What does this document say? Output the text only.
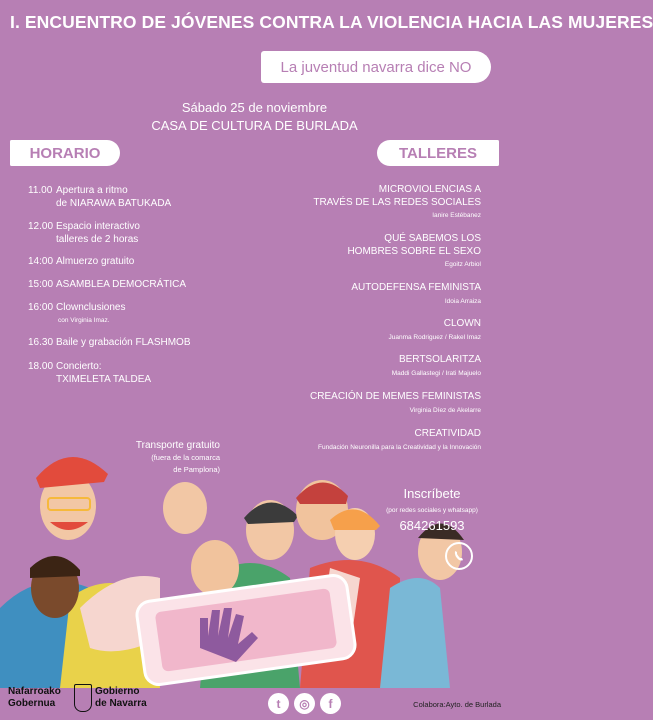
I. ENCUENTRO DE JÓVENES CONTRA LA VIOLENCIA HACIA LAS MUJERES
La juventud navarra dice NO
Sábado 25 de noviembre
CASA DE CULTURA DE BURLADA
HORARIO	TALLERES
11.00 Apertura a ritmo
de NIARAWA BATUKADA
12.00 Espacio interactivo
talleres de 2 horas
14:00 Almuerzo gratuito
15:00 ASAMBLEA DEMOCRÁTICA
16:00 Clownclusiones
con Virginia Imaz.
16.30 Baile y grabación FLASHMOB
18.00 Concierto:
TXIMELETA TALDEA
MICROVIOLENCIAS A
TRAVÉS DE LAS REDES SOCIALES
Ianire Estébanez
QUÉ SABEMOS LOS
HOMBRES SOBRE EL SEXO
Egoitz Arbiol
AUTODEFENSA FEMINISTA
Idoia Arraiza
CLOWN
Juanma Rodriguez / Rakel Imaz
BERTSOLARITZA
Maddi Gallastegi / Irati Majuelo
CREACIÓN DE MEMES FEMINISTAS
Virginia Díez de Akelarre
CREATIVIDAD
Fundación Neuronilla para la Creatividad y la Innovación
Transporte gratuito
(fuera de la comarca
de Pamplona)
Inscríbete
(por redes sociales y whatsapp)
684261593
Nafarroako
Gobernua
Gobierno
de Navarra	t	◎	f	Colabora:Ayto. de Burlada
